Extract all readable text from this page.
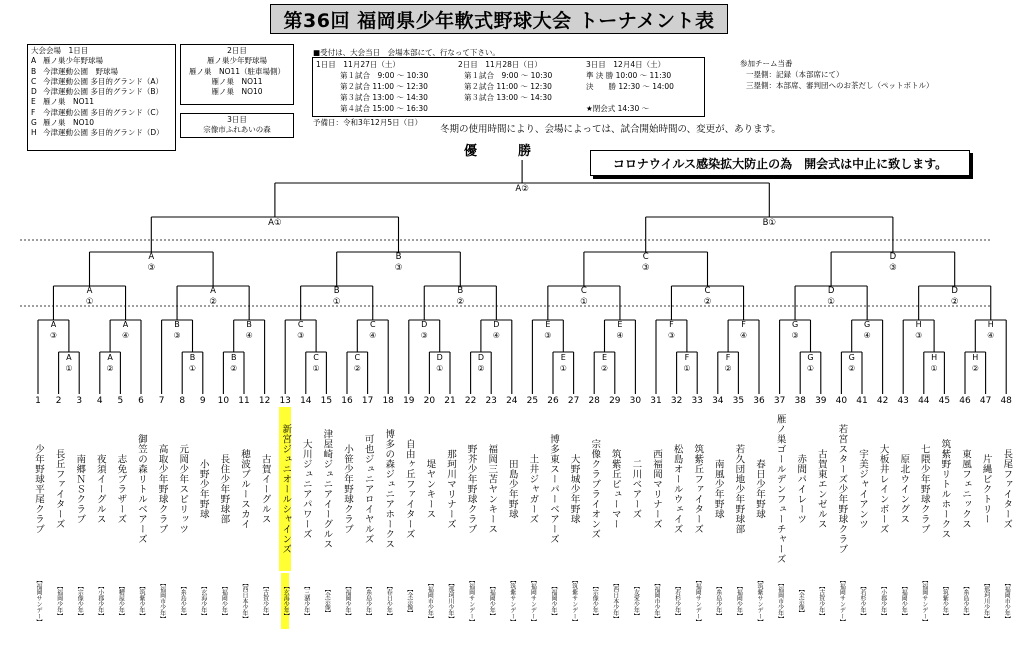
第36回 福岡県少年軟式野球大会 トーナメント表
大会会場　1日目
A 雁ノ巣少年野球場
B 今津運動公園　野球場
C 今津運動公園 多目的グランド（A）
D 今津運動公園 多目的グランド（B）
E 雁ノ巣　NO11
F	今津運動公園 多目的グランド（C）
G 雁ノ巣　NO10
H 今津運動公園 多目的グランド（D）
2日目
雁ノ巣少年野球場
雁ノ巣　NO11（駐車場側）
雁ノ巣　NO11
雁ノ巣　NO10
3日目
宗像市ふれあいの森
■受付は、大会当日　会場本部にて、行なって下さい。
1日目　11月27日（土）
第１試合　9:00 ～ 10:30
第２試合 11:00 ～ 12:30
第３試合 13:00 ～ 14:30
第４試合 15:00 ～ 16:30
2日目　11月28日（日）
第１試合　9:00 ～ 10:30
第２試合 11:00 ～ 12:30
第３試合 13:00 ～ 14:30
3日目　12月4日（土）
準 決 勝 10:00 ～ 11:30
決　　勝 12:30 ～ 14:00
★閉会式 14:30 ～
予備日：令和3年12月5日（日）
冬期の使用時間により、会場によっては、試合開始時間の、変更が、あります。
参加チーム当番
一塁側：記録（本部席にて）
三塁側：本部席、審判団へのお茶だし（ペットボトル）
優　勝
コロナウイルス感染拡大防止の為　開会式は中止に致します。
A
①
A
②
A
③
A
④
B
①
B
②
B
③
B
④
C
①
C
②
C
③
C
④
D
①
D
②
D
③
D
④
E
①
E
②
E
③
E
④
F
①
F
②
F
③
F
④
G
①
G
②
G
③
G
④
H
①
H
②
H
③
H
④
A
①
A
②
B
①
B
②
C
①
C
②
D
①
D
②
A
③
B
③
C
③
D
③
A①	B①
A②
1
少年野球平尾クラブ
【福岡サンデー】
2
長丘ファイターズ
【福岡少年】
3
南郷ＮＳクラブ
【宗像少年】
4
夜須イーグルス
【小郡少年】
5
志免ブラザーズ
【糟屋少年】
6
御笠の森リトルベアーズ
【筑紫少年】
7
高取少年野球クラブ
【福岡市少年】
8
元岡少年スピリッツ
【糸島少年】
9
小野少年野球
【玄海少年】
10
長住少年野球部
【福岡少年】
11
穂波ブルースカイ
【西日本少年】
12
古賀イーグルス
【古賀少年】
13
新宮ジュニオールシャインズ
【玄海少年】
14
大川ジュニアパワーズ
【三潴少年】
15
津屋崎ジュニアイーグルス
【全宗像】
16
小笹少年野球クラブ
【福岡少年】
17
可也ジュニアロイヤルズ
【糸島少年】
18
博多の森ジュニアホークス
【春日少年】
19
自由ヶ丘ファイターズ
【全宗像】
20
堤ヤンキース
【福岡市少年】
21
那珂川マリナーズ
【那珂川少年】
22
野芥少年野球クラブ
【福岡サンデー】
23
福岡三苫ヤンキース
【福岡少年】
24
田島少年野球
【筑紫サンデー】
25
土井ジャガーズ
【福岡サンデー】
26
博多東スーパーベアーズ
【福岡少年】
27
大野城少年野球
【筑紫サンデー】
28
宗像クラブライオンズ
【宗像少年】
29
筑紫丘ピューマー
【西日本少年】
30
二川ベアーズ
【友愛少年】
31
西福岡マリナーズ
【福岡市少年】
32
松島オールウェイズ
【若杉少年】
33
筑紫丘ファイターズ
【福岡サンデー】
34
南風少年野球
【糸島少年】
35
若久団地少年野球部
【福岡少年】
36
春日少年野球
【筑紫サンデー】
37
雁ノ巣ゴールデンフューチャーズ
【福岡市少年】
38
赤間パイレーツ
【全宗像】
39
古賀東エンゼルス
【古賀少年】
40
若宮スターズ少年野球クラブ
【福岡サンデー】
41
宇美ジャイアンツ
【若杉少年】
42
大板井レインボーズ
【小郡少年】
43
原北ウイングス
【福岡少年】
44
七隈少年野球クラブ
【福岡サンデー】
45
筑紫野リトルホークス
【筑紫少年】
46
東風フェニックス
【糸島少年】
47
片縄ビクトリー
【那珂川少年】
48
長尾ファイターズ
【福岡市少年】
